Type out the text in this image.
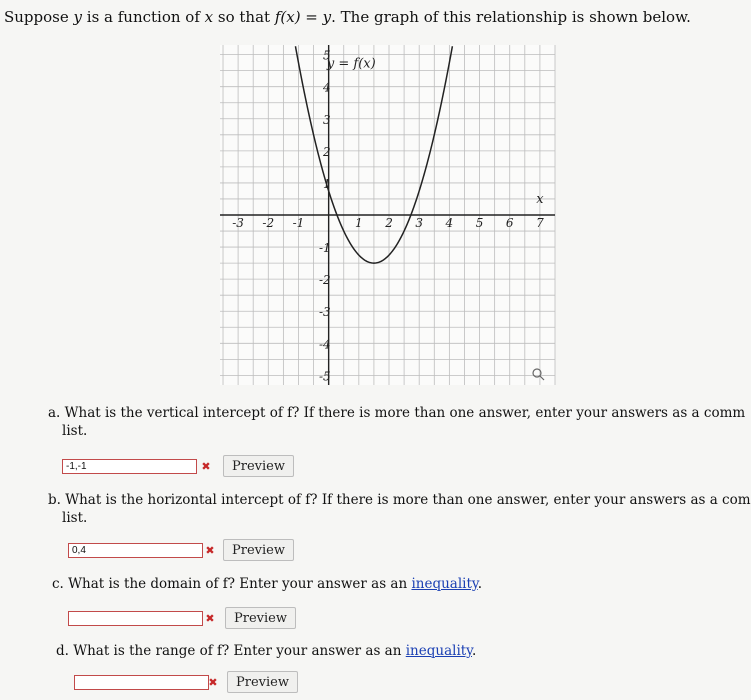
Suppose y is a function of x so that f(x) = y. The graph of this relationship is shown below.
-3 -2 -1	1 2 3 4 5 6 7
5
4
3
2
1
-1
-2
-3
-4
-5
x
y = f(x)
a. What is the vertical intercept of f? If there is more than one answer, enter your answers as a comm
list.
-1,-1	✖	Preview
b. What is the horizontal intercept of f? If there is more than one answer, enter your answers as a com
list.
0,4	✖	Preview
c. What is the domain of f? Enter your answer as an inequality.
✖	Preview
d. What is the range of f? Enter your answer as an inequality.
✖	Preview
